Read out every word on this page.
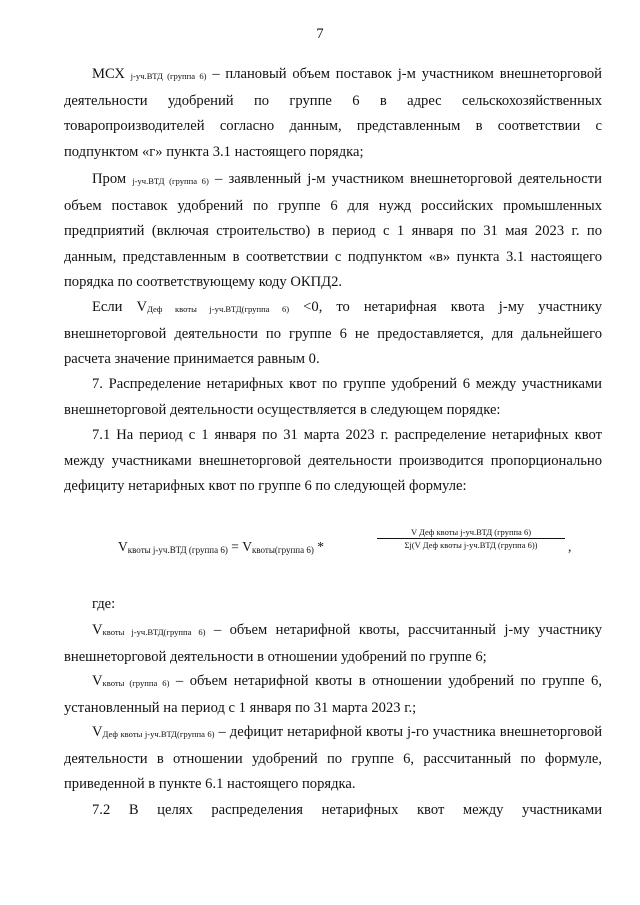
7

МСХ j-уч.ВТД (группа 6) – плановый объем поставок j-м участником внешнеторговой деятельности удобрений по группе 6 в адрес сельскохозяйственных товаропроизводителей согласно данным, представленным в соответствии с подпунктом «г» пункта 3.1 настоящего порядка;

Пром j-уч.ВТД (группа 6) – заявленный j-м участником внешнеторговой деятельности объем поставок удобрений по группе 6 для нужд российских промышленных предприятий (включая строительство) в период с 1 января по 31 мая 2023 г. по данным, представленным в соответствии с подпунктом «в» пункта 3.1 настоящего порядка по соответствующему коду ОКПД2.

Если VДеф квоты j-уч.ВТД(группа 6) <0, то нетарифная квота j-му участнику внешнеторговой деятельности по группе 6 не предоставляется, для дальнейшего расчета значение принимается равным 0.

7. Распределение нетарифных квот по группе удобрений 6 между участниками внешнеторговой деятельности осуществляется в следующем порядке:

7.1 На период с 1 января по 31 марта 2023 г. распределение нетарифных квот между участниками внешнеторговой деятельности производится пропорционально дефициту нетарифных квот по группе 6 по следующей формуле:

Vквоты j-уч.ВТД (группа 6) = Vквоты(группа 6) *
V Деф квоты j-уч.ВТД (группа 6)
Σj(V Деф квоты j-уч.ВТД (группа 6))	,
где:

Vквоты j-уч.ВТД(группа 6) – объем нетарифной квоты, рассчитанный j-му участнику внешнеторговой деятельности в отношении удобрений по группе 6;

Vквоты (группа 6) – объем нетарифной квоты в отношении удобрений по группе 6, установленный на период с 1 января по 31 марта 2023 г.;

VДеф квоты j-уч.ВТД(группа 6) – дефицит нетарифной квоты j-го участника внешнеторговой деятельности в отношении удобрений по группе 6, рассчитанный по формуле, приведенной в пункте 6.1 настоящего порядка.

7.2 В целях распределения нетарифных квот между участниками
